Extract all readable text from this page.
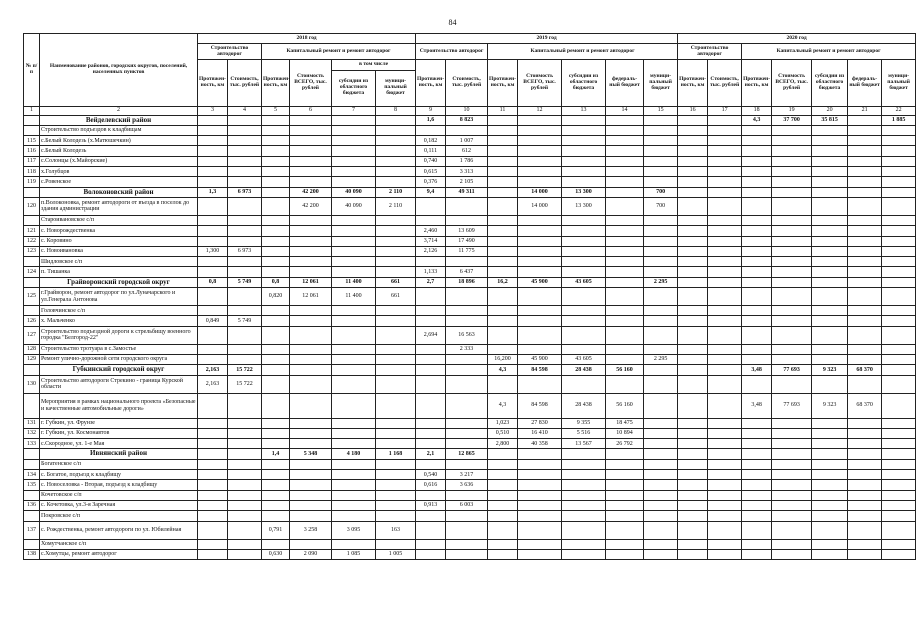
84
№ п/п	Наименование районов, городских округов, поселений, населенных пунктов	2018 год						2019 год							2020 год						
		Строительство автодорог		Капитальный ремонт и ремонт автодорог				Строительство автодорог		Капитальный ремонт и ремонт автодорог					Строительство автодорог		Капитальный ремонт и ремонт автодорог				
		Протяжен-ность, км	Стоимость, тыс. рублей	Протяжен-ность, км	Стоимость ВСЕГО, тыс. рублей	в том числе		Протяжен-ность, км	Стоимость, тыс. рублей	Протяжен-ность, км	Стоимость ВСЕГО, тыс. рублей	субсидии из областного бюджета	федераль-ный бюджет	муници-пальный бюджет	Протяжен-ность, км	Стоимость, тыс. рублей	Протяжен-ность, км	Стоимость ВСЕГО, тыс. рублей	субсидии из областного бюджета	федераль-ный бюджет	муници-пальный бюджет
						субсидии из областного бюджета	муници-пальный бюджет														
1	2	3	4	5	6	7	8	9	10	11	12	13	14	15	16	17	18	19	20	21	22
	Вейделевский район							1,6	8 823								4,3	37 700	35 815		1 885
	Строительство подъездов к кладбищам																				
115	с.Белый Колодезь (х.Матюшечкин)							0,182	1 007												
116	с.Белый Колодезь							0,111	612												
117	с.Солонцы (х.Майорские)							0,740	1 786												
118	х.Голубцов							0,615	3 313												
119	с.Ровенское							0,376	2 105												
	Волоконовский район	1,3	6 973		42 200	40 090	2 110	9,4	49 311		14 000	13 300		700							
120	п.Волоконовка, ремонт автодороги от въезда в поселок до здания администрации				42 200	40 090	2 110				14 000	13 300		700							
	Староивановское с/п																				
121	с. Новорождественка							2,460	13 609												
122	с. Коровино							3,714	17 490												
123	с. Новоивановка	1,300	6 973					2,126	11 775												
	Шидловское с/п																				
124	п. Тишанка							1,133	6 437												
	Грайворонский городской округ	0,8	5 749	0,8	12 061	11 400	661	2,7	18 896	16,2	45 900	43 605		2 295							
125	г.Грайворон, ремонт автодорог по ул.Луначарского и ул.Генерала Антонова			0,820	12 061	11 400	661														
	Головчинское с/п																				
126	х. Мальченко	0,849	5 749																		
127	Строительство подъездной дороги к стрельбищу военного городка "Белгород-22"							2,694	16 563												
128	Строительство тротуара в с.Замостье								2 333												
129	Ремонт улично-дорожной сети городского округа									16,200	45 900	43 605		2 295							
	Губкинский городской округ	2,163	15 722							4,3	84 598	28 438	56 160				3,48	77 693	9 323	68 370	
130	Строительство автодороги Стрекино - граница Курской области	2,163	15 722																		
	Мероприятия в рамках национального проекта «Безопасные и качественные автомобильные дороги»									4,3	84 598	28 438	56 160				3,48	77 693	9 323	68 370	
131	г. Губкин, ул. Фрунзе									1,023	27 830	9 355	18 475								
132	г. Губкин, ул. Космонавтов									0,510	16 410	5 516	10 894								
133	с.Скородное, ул. 1-е Мая									2,800	40 358	13 567	26 792								
	Ивнянский район			1,4	5 348	4 180	1 168	2,1	12 865												
	Богатенское с/п																				
134	с. Богатое, подъезд к кладбищу							0,540	3 217												
135	с. Новоселовка - Вторая, подъезд к кладбищу							0,616	3 636												
	Кочетовское с/п																				
136	с. Кочетовка, ул.3-я Заречная							0,913	6 003												
	Покровское с/п																				
137	с. Рождественка, ремонт автодороги по ул. Юбилейная			0,791	3 258	3 095	163														
	Хомутчанское с/п																				
138	с.Хомутцы, ремонт автодорог			0,630	2 090	1 085	1 005														
